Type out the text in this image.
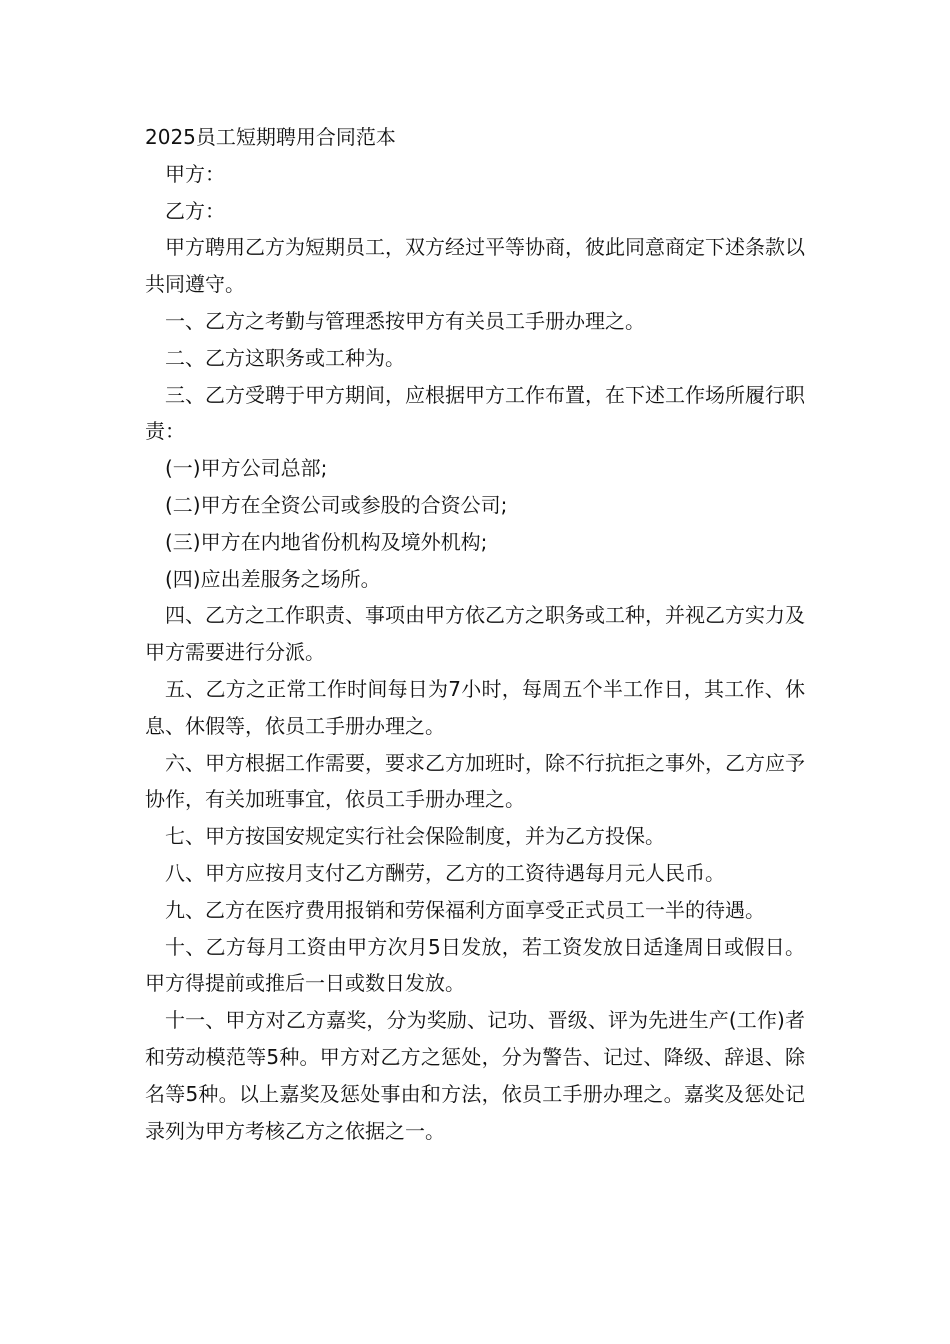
2025员工短期聘用合同范本

甲方：

乙方：

甲方聘用乙方为短期员工，双方经过平等协商，彼此同意商定下述条款以共同遵守。

一、乙方之考勤与管理悉按甲方有关员工手册办理之。

二、乙方这职务或工种为。

三、乙方受聘于甲方期间，应根据甲方工作布置，在下述工作场所履行职责：

(一)甲方公司总部;

(二)甲方在全资公司或参股的合资公司;

(三)甲方在内地省份机构及境外机构;

(四)应出差服务之场所。

四、乙方之工作职责、事项由甲方依乙方之职务或工种，并视乙方实力及甲方需要进行分派。

五、乙方之正常工作时间每日为7小时，每周五个半工作日，其工作、休息、休假等，依员工手册办理之。

六、甲方根据工作需要，要求乙方加班时，除不行抗拒之事外，乙方应予协作，有关加班事宜，依员工手册办理之。

七、甲方按国安规定实行社会保险制度，并为乙方投保。

八、甲方应按月支付乙方酬劳，乙方的工资待遇每月元人民币。

九、乙方在医疗费用报销和劳保福利方面享受正式员工一半的待遇。

十、乙方每月工资由甲方次月5日发放，若工资发放日适逢周日或假日。甲方得提前或推后一日或数日发放。

十一、甲方对乙方嘉奖，分为奖励、记功、晋级、评为先进生产(工作)者和劳动模范等5种。甲方对乙方之惩处，分为警告、记过、降级、辞退、除名等5种。以上嘉奖及惩处事由和方法，依员工手册办理之。嘉奖及惩处记录列为甲方考核乙方之依据之一。
